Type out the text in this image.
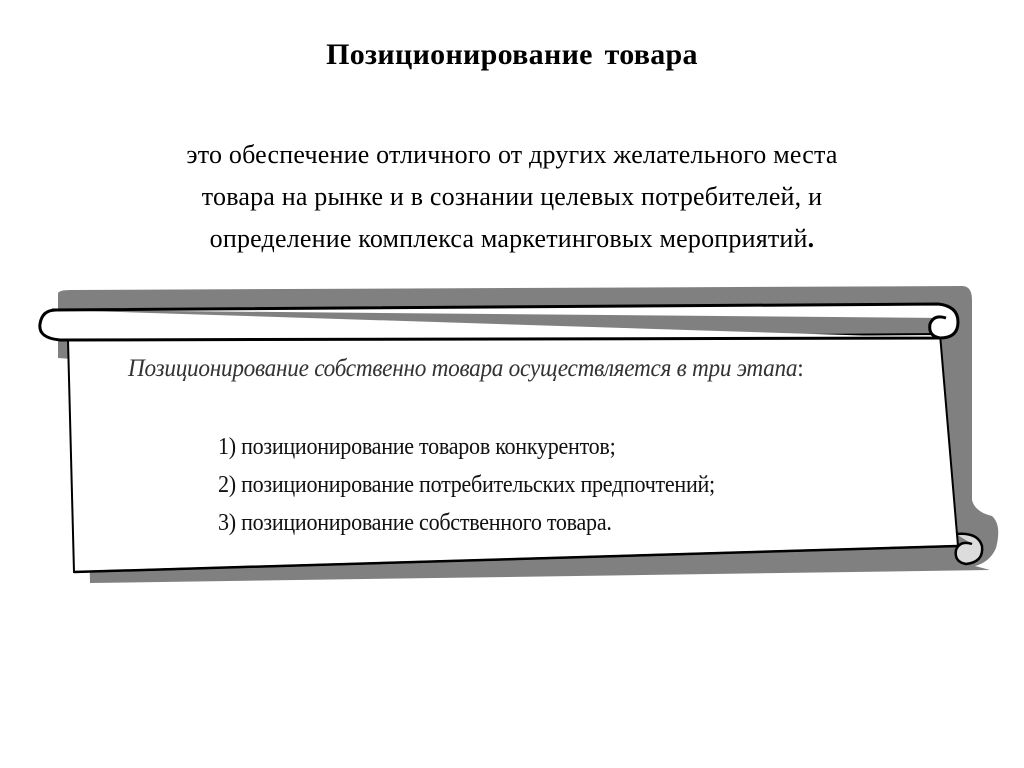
Позиционирование товара
это обеспечение отличного от других желательного места
товара на рынке и в сознании целевых потребителей, и
определение комплекса маркетинговых мероприятий.
Позиционирование собственно товара осуществляется в три этапа:
1) позиционирование товаров конкурентов;
2) позиционирование потребительских предпочтений;
3) позиционирование собственного товара.
